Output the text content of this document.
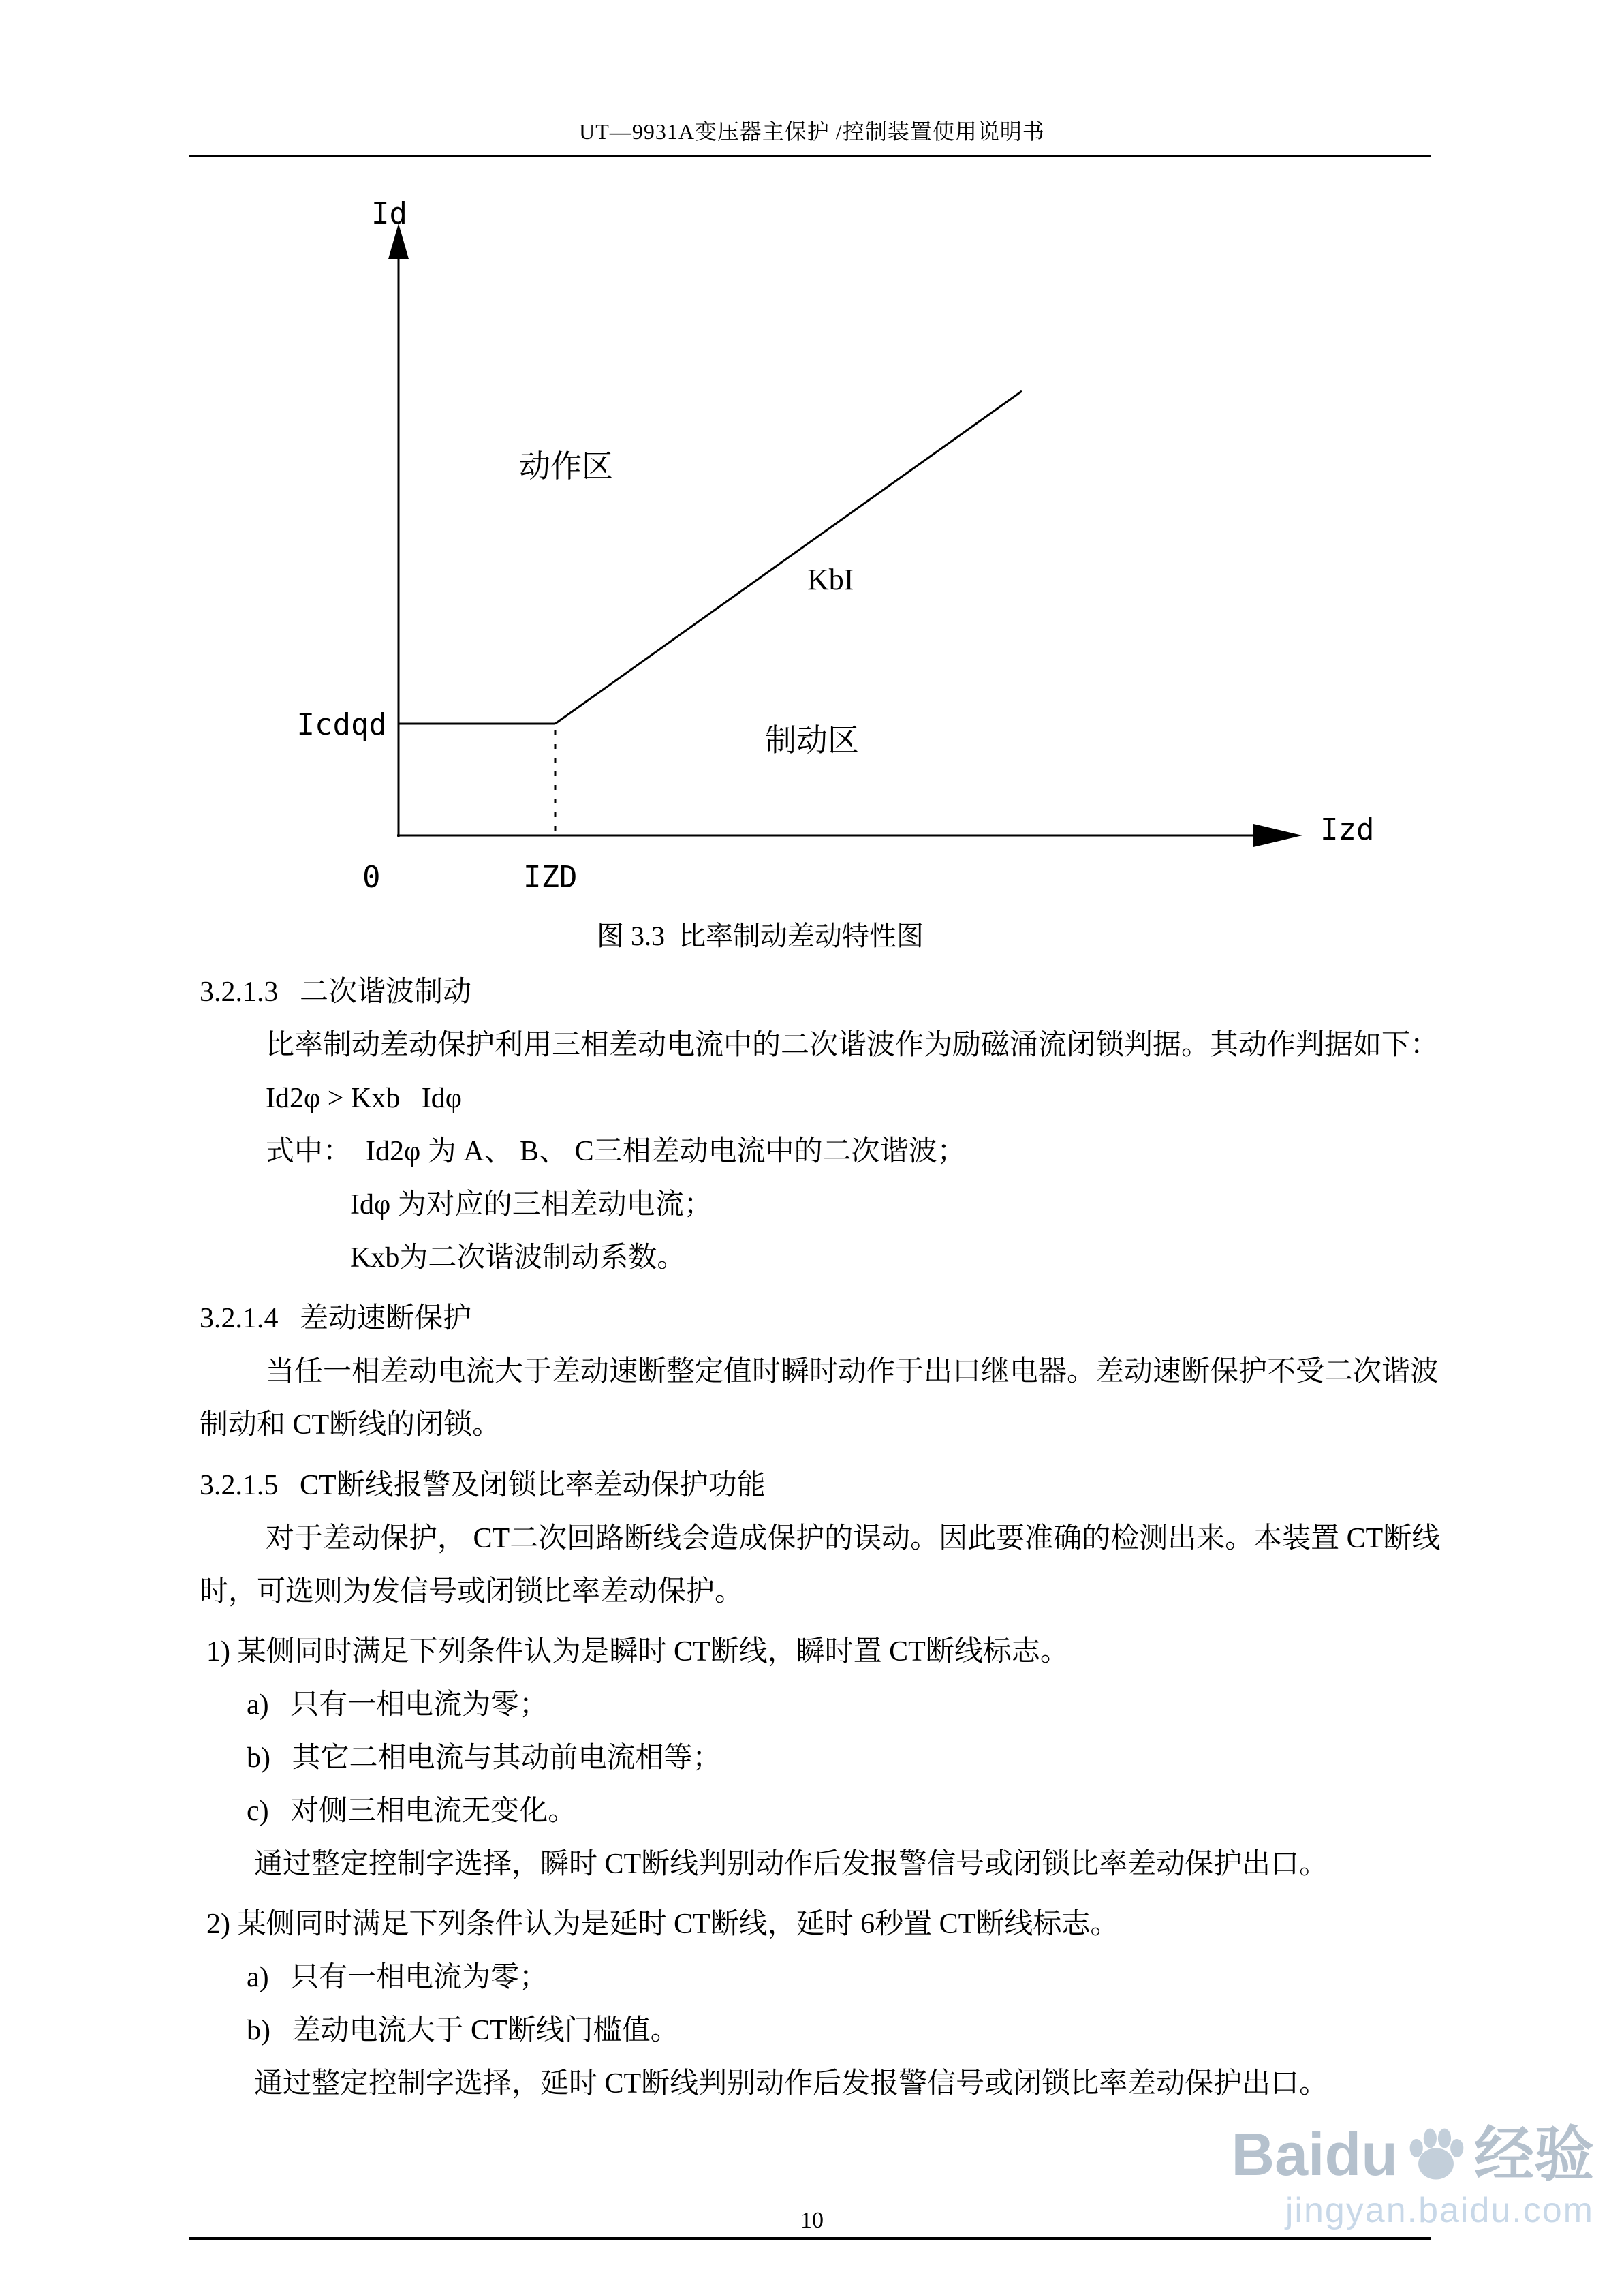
UT—9931A变压器主保护 /控制装置使用说明书
Id
Izd
动作区
KbI
Icdqd	制动区
0	IZD
图 3.3  比率制动差动特性图
3.2.1.3   二次谐波制动
比率制动差动保护利用三相差动电流中的二次谐波作为励磁涌流闭锁判据。其动作判据如下：
Id2φ > Kxb   Idφ
式中：  Id2φ 为 A、 B、 C三相差动电流中的二次谐波；
Idφ 为对应的三相差动电流；
Kxb为二次谐波制动系数。
3.2.1.4   差动速断保护
当任一相差动电流大于差动速断整定值时瞬时动作于出口继电器。差动速断保护不受二次谐波
制动和 CT断线的闭锁。
3.2.1.5   CT断线报警及闭锁比率差动保护功能
对于差动保护， CT二次回路断线会造成保护的误动。因此要准确的检测出来。本装置 CT断线
时，可选则为发信号或闭锁比率差动保护。
1) 某侧同时满足下列条件认为是瞬时 CT断线，瞬时置 CT断线标志。
a)   只有一相电流为零；
b)   其它二相电流与其动前电流相等；
c)   对侧三相电流无变化。
通过整定控制字选择，瞬时 CT断线判别动作后发报警信号或闭锁比率差动保护出口。
2) 某侧同时满足下列条件认为是延时 CT断线，延时 6秒置 CT断线标志。
a)   只有一相电流为零；
b)   差动电流大于 CT断线门槛值。
通过整定控制字选择，延时 CT断线判别动作后发报警信号或闭锁比率差动保护出口。
10
Baidu 经验
jingyan.baidu.com
